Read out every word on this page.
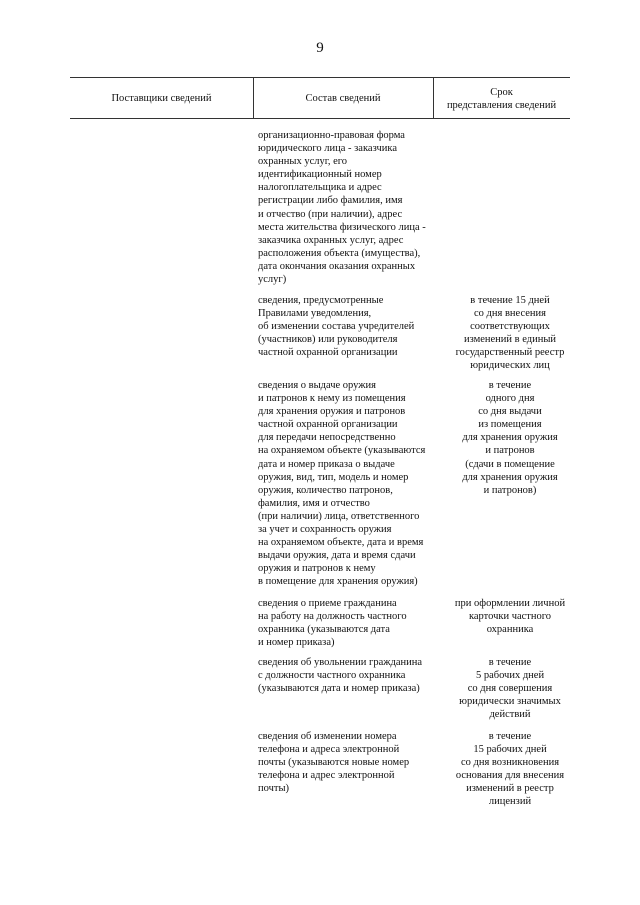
9
Поставщики сведений	Состав сведений
Срок
представления сведений
организационно-правовая форма
юридического лица - заказчика
охранных услуг, его
идентификационный номер
налогоплательщика и адрес
регистрации либо фамилия, имя
и отчество (при наличии), адрес
места жительства физического лица -
заказчика охранных услуг, адрес
расположения объекта (имущества),
дата окончания оказания охранных
услуг)
сведения, предусмотренные
Правилами уведомления,
об изменении состава учредителей
(участников) или руководителя
частной охранной организации
в течение 15 дней
со дня внесения
соответствующих
изменений в единый
государственный реестр
юридических лиц
сведения о выдаче оружия
и патронов к нему из помещения
для хранения оружия и патронов
частной охранной организации
для передачи непосредственно
на охраняемом объекте (указываются
дата и номер приказа о выдаче
оружия, вид, тип, модель и номер
оружия, количество патронов,
фамилия, имя и отчество
(при наличии) лица, ответственного
за учет и сохранность оружия
на охраняемом объекте, дата и время
выдачи оружия, дата и время сдачи
оружия и патронов к нему
в помещение для хранения оружия)
в течение
одного дня
со дня выдачи
из помещения
для хранения оружия
и патронов
(сдачи в помещение
для хранения оружия
и патронов)
сведения о приеме гражданина
на работу на должность частного
охранника (указываются дата
и номер приказа)
при оформлении личной
карточки частного
охранника
сведения об увольнении гражданина
с должности частного охранника
(указываются дата и номер приказа)
в течение
5 рабочих дней
со дня совершения
юридически значимых
действий
сведения об изменении номера
телефона и адреса электронной
почты (указываются новые номер
телефона и адрес электронной
почты)
в течение
15 рабочих дней
со дня возникновения
основания для внесения
изменений в реестр
лицензий
